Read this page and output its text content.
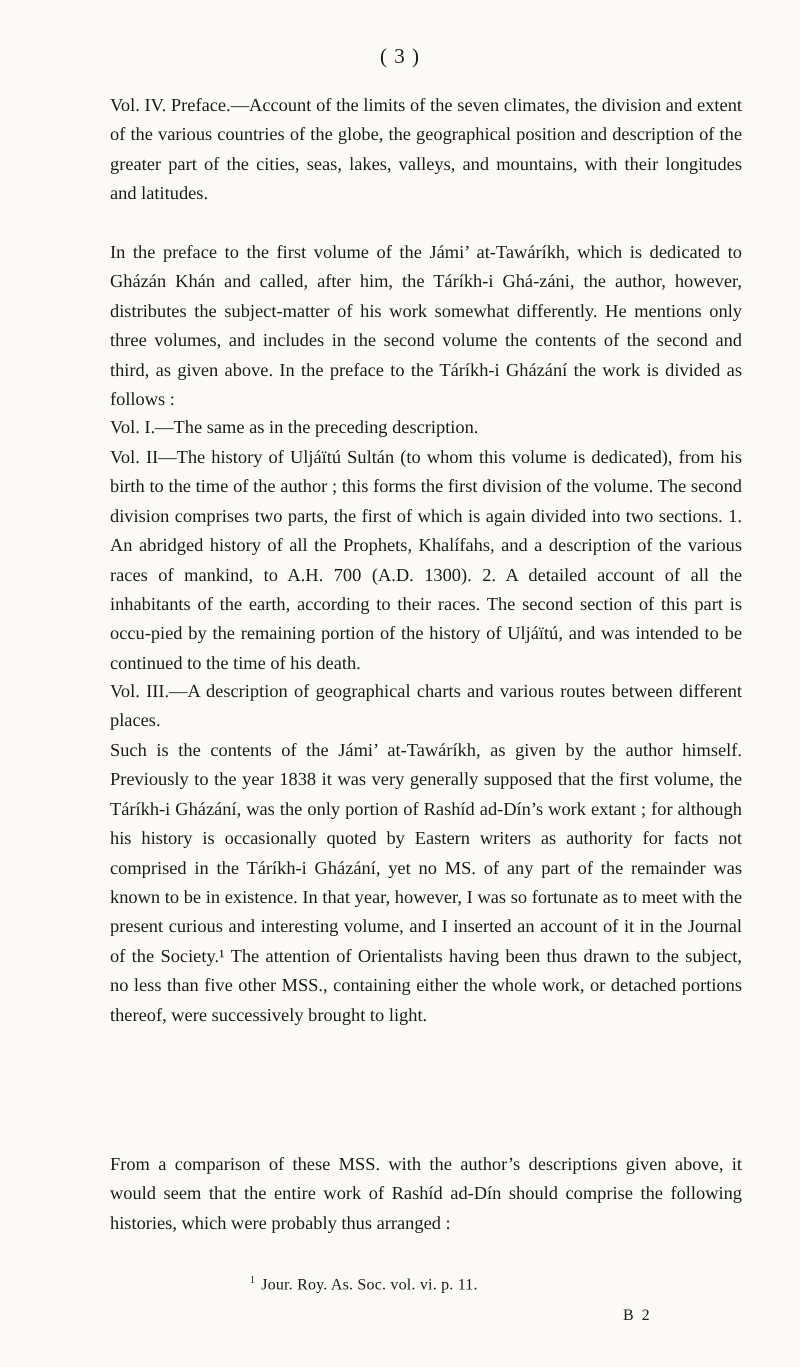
( 3 )

Vol. IV. Preface.—Account of the limits of the seven climates, the division and extent of the various countries of the globe, the geographical position and description of the greater part of the cities, seas, lakes, valleys, and mountains, with their longitudes and latitudes.

In the preface to the first volume of the Jámi’ at-Tawáríkh, which is dedicated to Gházán Khán and called, after him, the Táríkh-i Ghá-záni, the author, however, distributes the subject-matter of his work somewhat differently. He mentions only three volumes, and includes in the second volume the contents of the second and third, as given above. In the preface to the Táríkh-i Gházání the work is divided as follows :

Vol. I.—The same as in the preceding description.

Vol. II—The history of Uljáïtú Sultán (to whom this volume is dedicated), from his birth to the time of the author ; this forms the first division of the volume. The second division comprises two parts, the first of which is again divided into two sections. 1. An abridged history of all the Prophets, Khalífahs, and a description of the various races of mankind, to A.H. 700 (A.D. 1300). 2. A detailed account of all the inhabitants of the earth, according to their races. The second section of this part is occu-pied by the remaining portion of the history of Uljáïtú, and was intended to be continued to the time of his death.

Vol. III.—A description of geographical charts and various routes between different places.

Such is the contents of the Jámi’ at-Tawáríkh, as given by the author himself. Previously to the year 1838 it was very generally supposed that the first volume, the Táríkh-i Gházání, was the only portion of Rashíd ad-Dín’s work extant ; for although his history is occasionally quoted by Eastern writers as authority for facts not comprised in the Táríkh-i Gházání, yet no MS. of any part of the remainder was known to be in existence. In that year, however, I was so fortunate as to meet with the present curious and interesting volume, and I inserted an account of it in the Journal of the Society.¹ The attention of Orientalists having been thus drawn to the subject, no less than five other MSS., containing either the whole work, or detached portions thereof, were successively brought to light.

From a comparison of these MSS. with the author’s descriptions given above, it would seem that the entire work of Rashíd ad-Dín should comprise the following histories, which were probably thus arranged :

$^1$ Jour. Roy. As. Soc. vol. vi. p. 11.
B 2
